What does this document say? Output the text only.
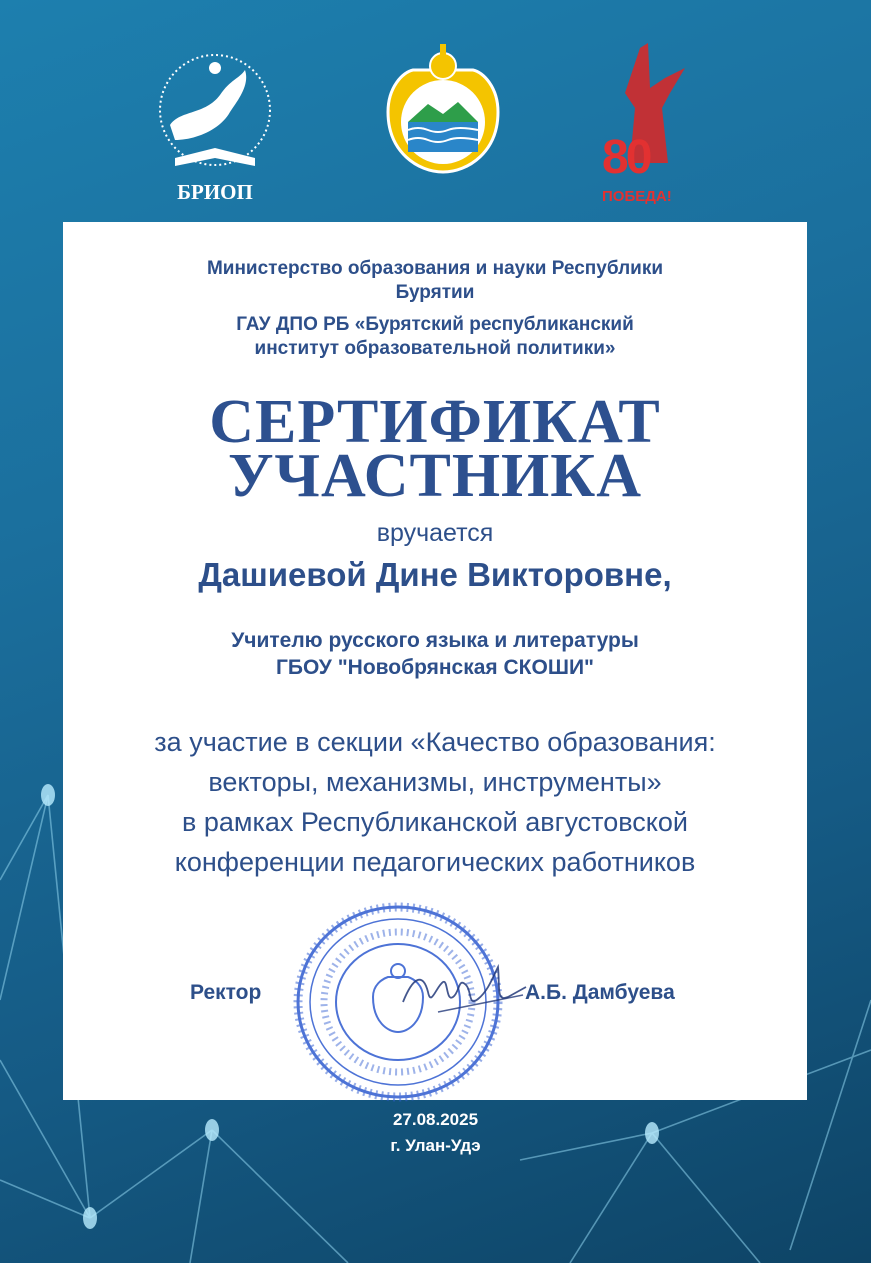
БРИОП
80
ПОБЕДА!
Министерство образования и науки Республики
Бурятии
ГАУ ДПО РБ «Бурятский республиканский
институт образовательной политики»
СЕРТИФИКАТ
УЧАСТНИКА
вручается
Дашиевой Дине Викторовне,
Учителю русского языка и литературы
ГБОУ "Новобрянская СКОШИ"
за участие в секции «Качество образования:
векторы, механизмы, инструменты»
в рамках Республиканской августовской
конференции педагогических работников
Ректор	А.Б. Дамбуева
27.08.2025
г. Улан-Удэ
